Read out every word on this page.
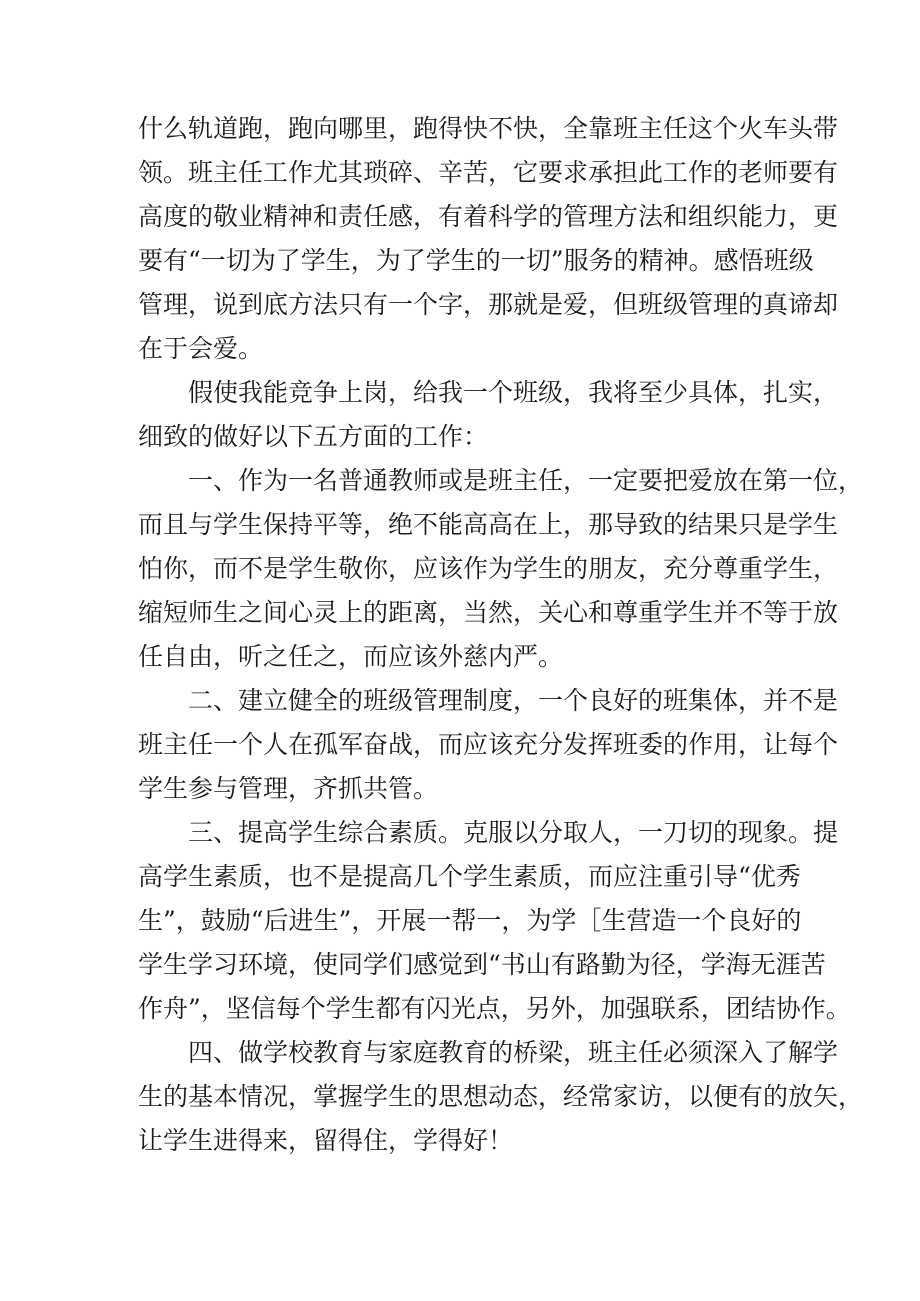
什么轨道跑，跑向哪里，跑得快不快，全靠班主任这个火车头带
领。班主任工作尤其琐碎、辛苦，它要求承担此工作的老师要有
高度的敬业精神和责任感，有着科学的管理方法和组织能力，更
要有“一切为了学生，为了学生的一切”服务的精神。感悟班级
管理，说到底方法只有一个字，那就是爱，但班级管理的真谛却
在于会爱。
假使我能竞争上岗，给我一个班级，我将至少具体，扎实，
细致的做好以下五方面的工作：
一、作为一名普通教师或是班主任，一定要把爱放在第一位，
而且与学生保持平等，绝不能高高在上，那导致的结果只是学生
怕你，而不是学生敬你，应该作为学生的朋友，充分尊重学生，
缩短师生之间心灵上的距离，当然，关心和尊重学生并不等于放
任自由，听之任之，而应该外慈内严。
二、建立健全的班级管理制度，一个良好的班集体，并不是
班主任一个人在孤军奋战，而应该充分发挥班委的作用，让每个
学生参与管理，齐抓共管。
三、提高学生综合素质。克服以分取人，一刀切的现象。提
高学生素质，也不是提高几个学生素质，而应注重引导“优秀
生”，鼓励“后进生”，开展一帮一，为学［生营造一个良好的
学生学习环境，使同学们感觉到“书山有路勤为径，学海无涯苦
作舟”，坚信每个学生都有闪光点，另外，加强联系，团结协作。
四、做学校教育与家庭教育的桥梁，班主任必须深入了解学
生的基本情况，掌握学生的思想动态，经常家访，以便有的放矢，
让学生进得来，留得住，学得好！
